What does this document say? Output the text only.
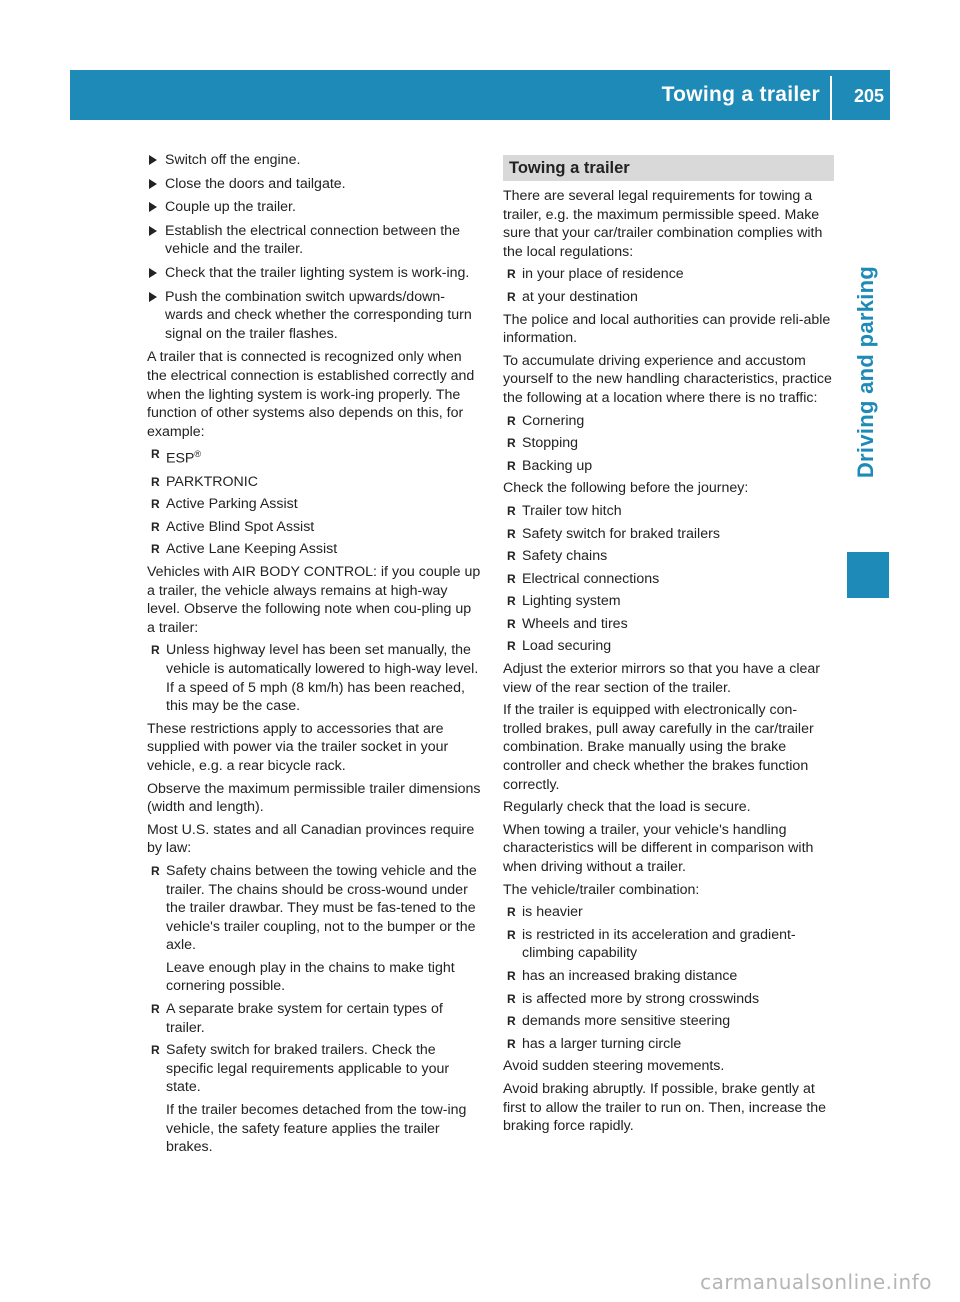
Towing a trailer 205
Driving and parking
Switch off the engine.
Close the doors and tailgate.
Couple up the trailer.
Establish the electrical connection between the vehicle and the trailer.
Check that the trailer lighting system is work-ing.
Push the combination switch upwards/down-wards and check whether the corresponding turn signal on the trailer flashes.

A trailer that is connected is recognized only when the electrical connection is established correctly and when the lighting system is work-ing properly. The function of other systems also depends on this, for example:

R ESP®
R PARKTRONIC
R Active Parking Assist
R Active Blind Spot Assist
R Active Lane Keeping Assist

Vehicles with AIR BODY CONTROL: if you couple up a trailer, the vehicle always remains at high-way level. Observe the following note when cou-pling up a trailer:

R Unless highway level has been set manually, the vehicle is automatically lowered to high-way level. If a speed of 5 mph (8 km/h) has been reached, this may be the case.

These restrictions apply to accessories that are supplied with power via the trailer socket in your vehicle, e.g. a rear bicycle rack.

Observe the maximum permissible trailer dimensions (width and length).

Most U.S. states and all Canadian provinces require by law:

R Safety chains between the towing vehicle and the trailer. The chains should be cross-wound under the trailer drawbar. They must be fas-tened to the vehicle's trailer coupling, not to the bumper or the axle.
Leave enough play in the chains to make tight cornering possible.
R A separate brake system for certain types of trailer.
R Safety switch for braked trailers. Check the specific legal requirements applicable to your state.
If the trailer becomes detached from the tow-ing vehicle, the safety feature applies the trailer brakes.
Towing a trailer

There are several legal requirements for towing a trailer, e.g. the maximum permissible speed. Make sure that your car/trailer combination complies with the local regulations:

R in your place of residence
R at your destination

The police and local authorities can provide reli-able information.

To accumulate driving experience and accustom yourself to the new handling characteristics, practice the following at a location where there is no traffic:

R Cornering
R Stopping
R Backing up

Check the following before the journey:

R Trailer tow hitch
R Safety switch for braked trailers
R Safety chains
R Electrical connections
R Lighting system
R Wheels and tires
R Load securing

Adjust the exterior mirrors so that you have a clear view of the rear section of the trailer.

If the trailer is equipped with electronically con-trolled brakes, pull away carefully in the car/trailer combination. Brake manually using the brake controller and check whether the brakes function correctly.

Regularly check that the load is secure.

When towing a trailer, your vehicle's handling characteristics will be different in comparison with when driving without a trailer.

The vehicle/trailer combination:

R is heavier
R is restricted in its acceleration and gradient-climbing capability
R has an increased braking distance
R is affected more by strong crosswinds
R demands more sensitive steering
R has a larger turning circle

Avoid sudden steering movements.

Avoid braking abruptly. If possible, brake gently at first to allow the trailer to run on. Then, increase the braking force rapidly.

carmanualsonline.info
